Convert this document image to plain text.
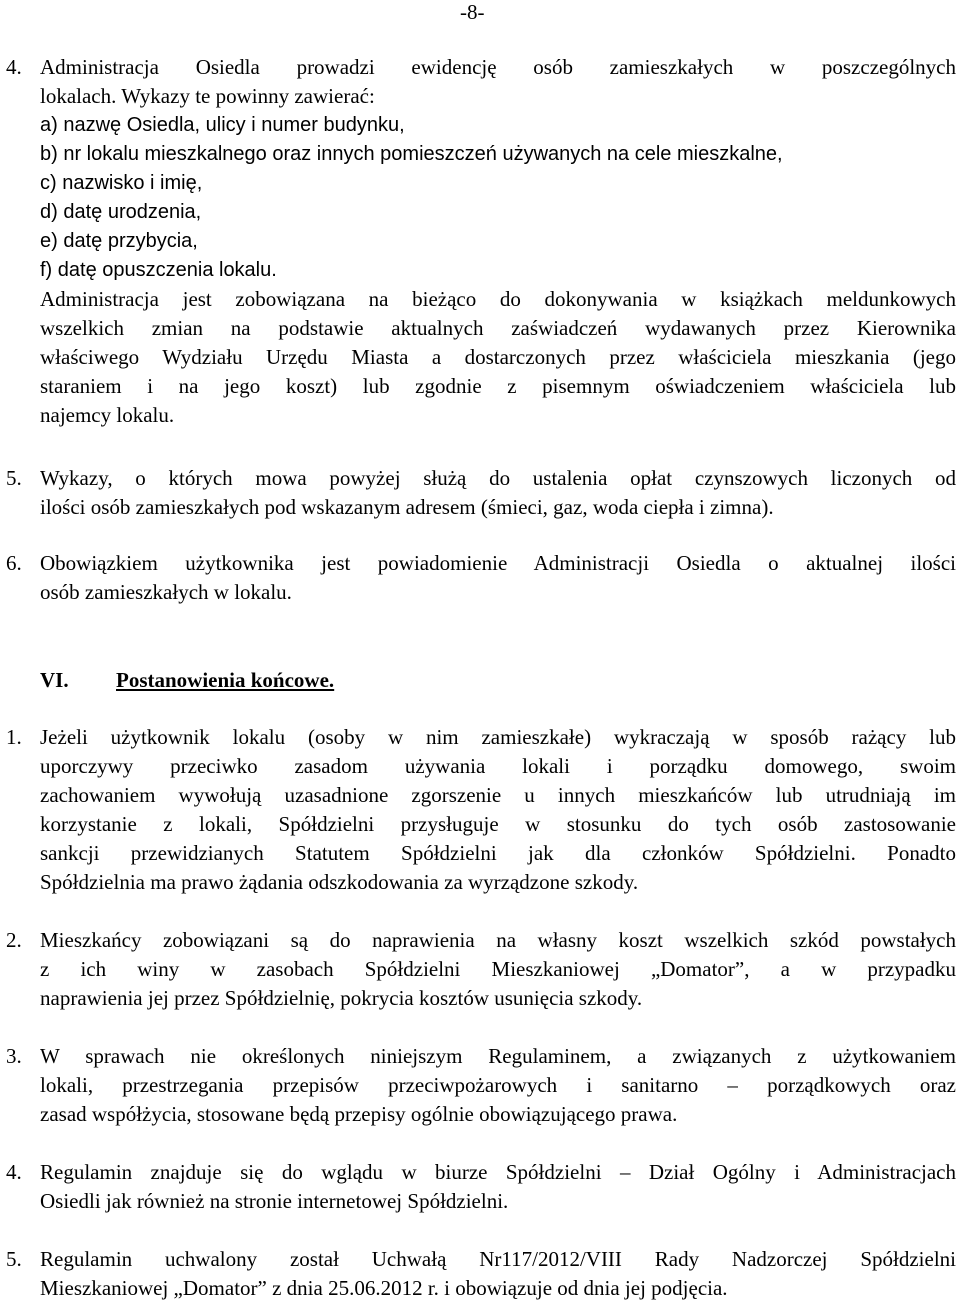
-8-
4. Administracja Osiedla prowadzi ewidencję osób zamieszkałych w poszczególnych
lokalach. Wykazy te powinny zawierać:
a) nazwę Osiedla, ulicy i numer budynku,
b) nr lokalu mieszkalnego oraz innych pomieszczeń używanych na cele mieszkalne,
c) nazwisko i imię,
d) datę urodzenia,
e) datę przybycia,
f) datę opuszczenia lokalu.
Administracja jest zobowiązana na bieżąco do dokonywania w książkach meldunkowych
wszelkich zmian na podstawie aktualnych zaświadczeń wydawanych przez Kierownika
właściwego Wydziału Urzędu Miasta a dostarczonych przez właściciela mieszkania (jego
staraniem i na jego koszt) lub zgodnie z pisemnym oświadczeniem właściciela lub
najemcy lokalu.
5. Wykazy, o których mowa powyżej służą do ustalenia opłat czynszowych liczonych od
ilości osób zamieszkałych pod wskazanym adresem (śmieci, gaz, woda ciepła i zimna).
6. Obowiązkiem użytkownika jest powiadomienie Administracji Osiedla o aktualnej ilości
osób zamieszkałych w lokalu.
VI. Postanowienia końcowe.
1. Jeżeli użytkownik lokalu (osoby w nim zamieszkałe) wykraczają w sposób rażący lub
uporczywy przeciwko zasadom używania lokali i porządku domowego, swoim
zachowaniem wywołują uzasadnione zgorszenie u innych mieszkańców lub utrudniają im
korzystanie z lokali, Spółdzielni przysługuje w stosunku do tych osób zastosowanie
sankcji przewidzianych Statutem Spółdzielni jak dla członków Spółdzielni. Ponadto
Spółdzielnia ma prawo żądania odszkodowania za wyrządzone szkody.
2. Mieszkańcy zobowiązani są do naprawienia na własny koszt wszelkich szkód powstałych
z ich winy w zasobach Spółdzielni Mieszkaniowej „Domator”, a w przypadku
naprawienia jej przez Spółdzielnię, pokrycia kosztów usunięcia szkody.
3. W sprawach nie określonych niniejszym Regulaminem, a związanych z użytkowaniem
lokali, przestrzegania przepisów przeciwpożarowych i sanitarno – porządkowych oraz
zasad współżycia, stosowane będą przepisy ogólnie obowiązującego prawa.
4. Regulamin znajduje się do wglądu w biurze Spółdzielni – Dział Ogólny i Administracjach
Osiedli jak również na stronie internetowej Spółdzielni.
5. Regulamin uchwalony został Uchwałą Nr117/2012/VIII Rady Nadzorczej Spółdzielni
Mieszkaniowej „Domator” z dnia 25.06.2012 r. i obowiązuje od dnia jej podjęcia.
